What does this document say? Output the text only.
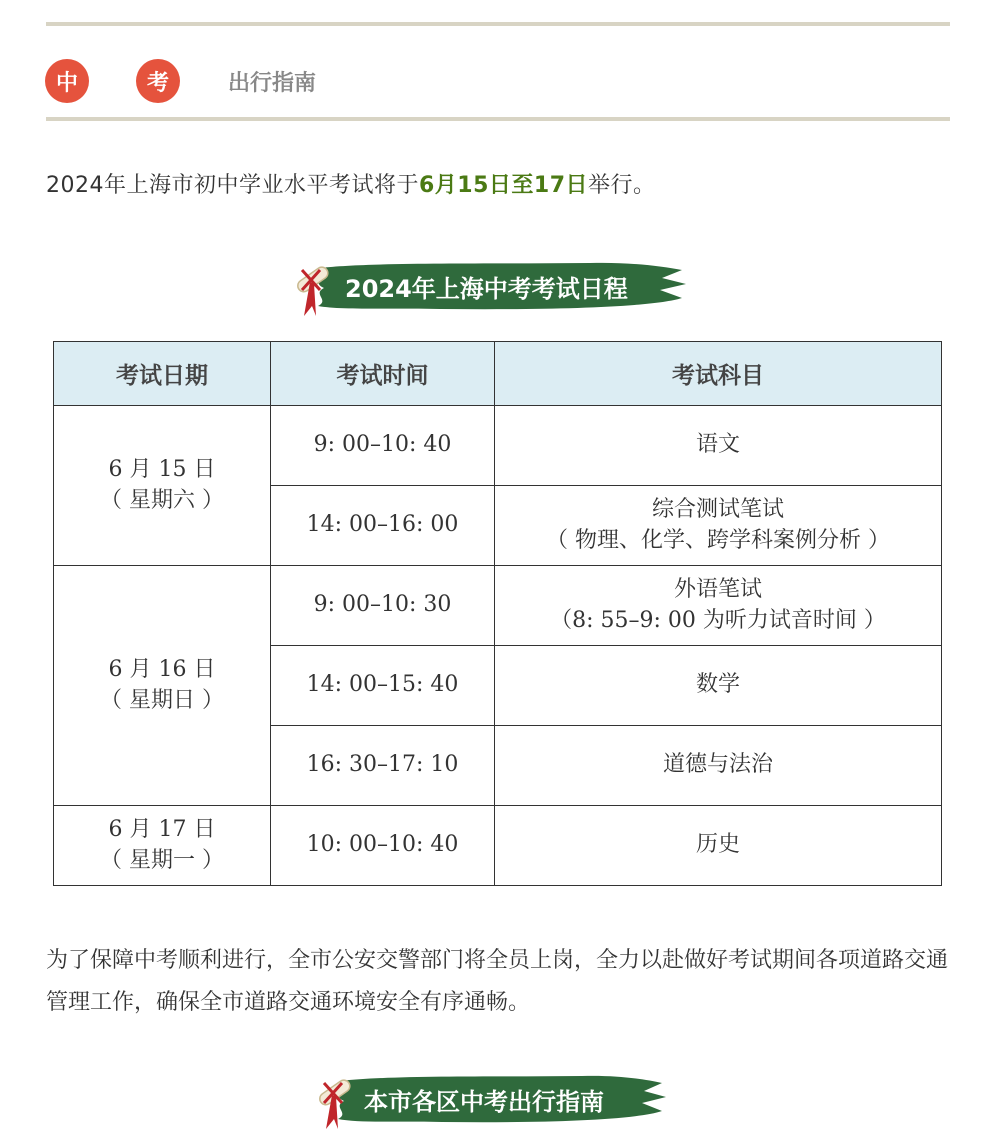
中	考	出行指南

2024年上海市初中学业水平考试将于6月15日至17日举行。

2024年上海中考考试日程
考试日期	考试时间	考试科目

6 月 15 日
（ 星期六 ）	9: 00–10: 40	语文

	14: 00–16: 00	综合测试笔试
（ 物理、化学、跨学科案例分析 ）

6 月 16 日
（ 星期日 ）	9: 00–10: 30	外语笔试
（8: 55–9: 00 为听力试音时间 ）

	14: 00–15: 40	数学

	16: 30–17: 10	道德与法治

6 月 17 日
（ 星期一 ）	10: 00–10: 40	历史

为了保障中考顺利进行，全市公安交警部门将全员上岗，全力以赴做好考试期间各项道路交通管理工作，确保全市道路交通环境安全有序通畅。

本市各区中考出行指南
